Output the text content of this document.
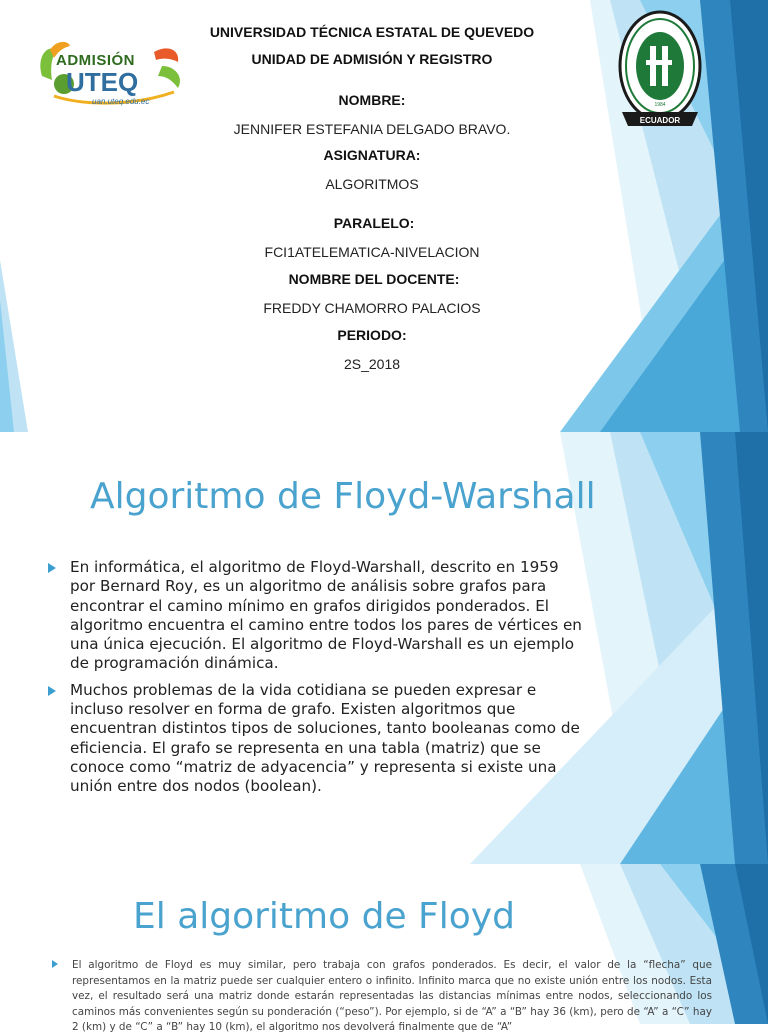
ADMISIÓN
UTEQ
uan.uteq.edu.ec
ECUADOR
1984
UNIVERSIDAD TÉCNICA ESTATAL DE QUEVEDO
UNIDAD DE ADMISIÓN Y REGISTRO
NOMBRE:
JENNIFER ESTEFANIA DELGADO BRAVO.
ASIGNATURA:
ALGORITMOS
PARALELO:
FCI1ATELEMATICA-NIVELACION
NOMBRE DEL DOCENTE:
FREDDY CHAMORRO PALACIOS
PERIODO:
2S_2018
Algoritmo de Floyd-Warshall
En informática, el algoritmo de Floyd-Warshall, descrito en 1959 por Bernard Roy, es un algoritmo de análisis sobre grafos para encontrar el camino mínimo en grafos dirigidos ponderados. El algoritmo encuentra el camino entre todos los pares de vértices en una única ejecución. El algoritmo de Floyd-Warshall es un ejemplo de programación dinámica.
Muchos problemas de la vida cotidiana se pueden expresar e incluso resolver en forma de grafo. Existen algoritmos que encuentran distintos tipos de soluciones, tanto booleanas como de eficiencia. El grafo se representa en una tabla (matriz) que se conoce como “matriz de adyacencia” y representa si existe una unión entre dos nodos (boolean).
El algoritmo de Floyd
El algoritmo de Floyd es muy similar, pero trabaja con grafos ponderados. Es decir, el valor de la “flecha” que representamos en la matriz puede ser cualquier entero o infinito. Infinito marca que no existe unión entre los nodos. Esta vez, el resultado será una matriz donde estarán representadas las distancias mínimas entre nodos, seleccionando los caminos más convenientes según su ponderación (“peso”). Por ejemplo, si de “A” a “B” hay 36 (km), pero de “A” a “C” hay 2 (km) y de “C” a “B” hay 10 (km), el algoritmo nos devolverá finalmente que de “A”
